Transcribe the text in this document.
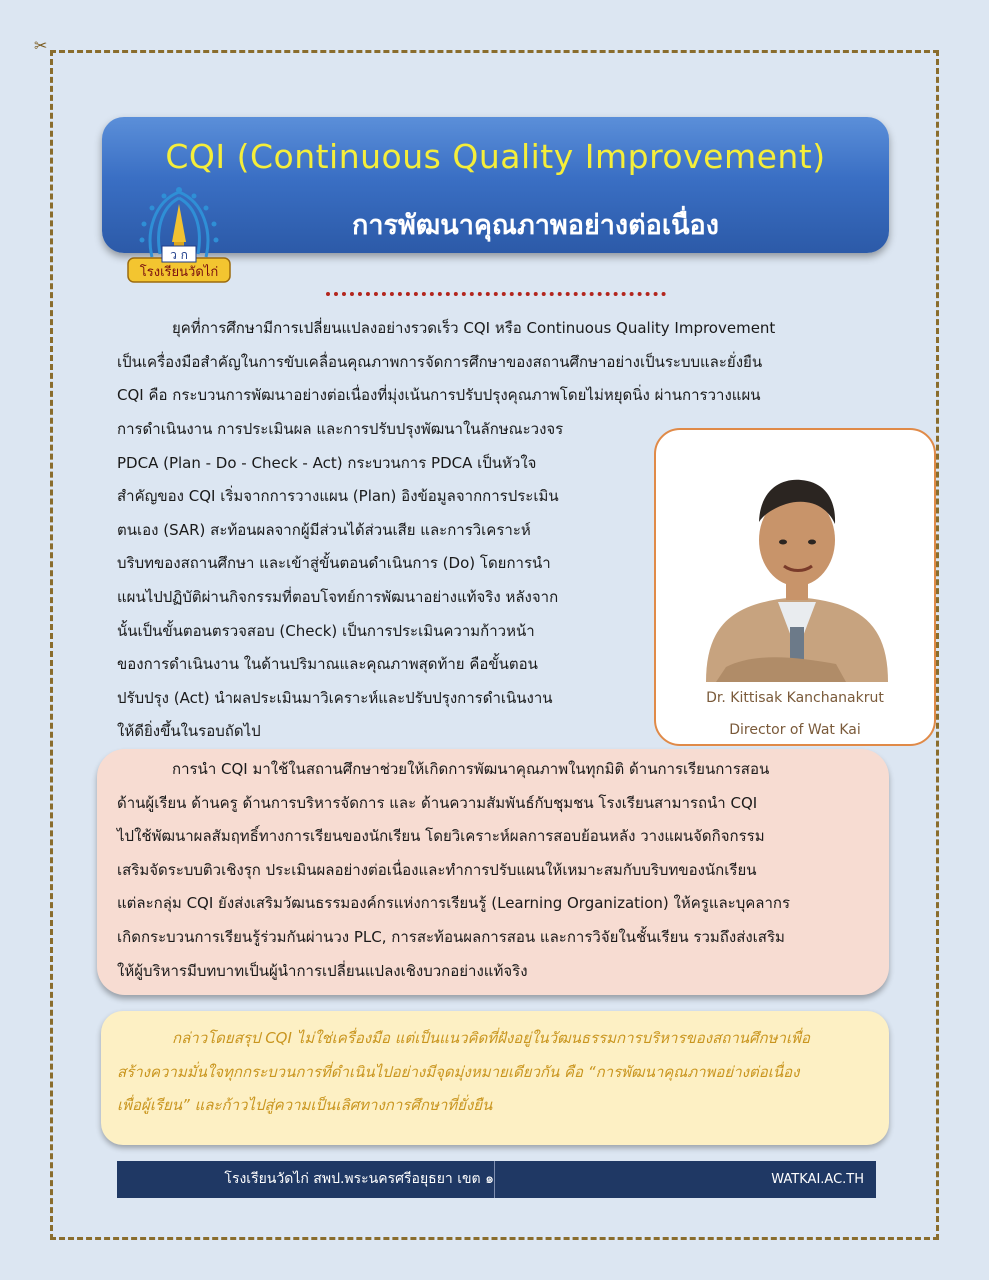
✂
CQI (Continuous Quality Improvement)
การพัฒนาคุณภาพอย่างต่อเนื่อง
ว ก
โรงเรียนวัดไก่
ยุคที่การศึกษามีการเปลี่ยนแปลงอย่างรวดเร็ว CQI หรือ Continuous Quality Improvement
เป็นเครื่องมือสำคัญในการขับเคลื่อนคุณภาพการจัดการศึกษาของสถานศึกษาอย่างเป็นระบบและยั่งยืน
CQI คือ กระบวนการพัฒนาอย่างต่อเนื่องที่มุ่งเน้นการปรับปรุงคุณภาพโดยไม่หยุดนิ่ง ผ่านการวางแผน
การดำเนินงาน การประเมินผล และการปรับปรุงพัฒนาในลักษณะวงจร
PDCA (Plan - Do - Check - Act) กระบวนการ PDCA เป็นหัวใจ
สำคัญของ CQI เริ่มจากการวางแผน (Plan) อิงข้อมูลจากการประเมิน
ตนเอง (SAR) สะท้อนผลจากผู้มีส่วนได้ส่วนเสีย และการวิเคราะห์
บริบทของสถานศึกษา และเข้าสู่ขั้นตอนดำเนินการ (Do) โดยการนำ
แผนไปปฏิบัติผ่านกิจกรรมที่ตอบโจทย์การพัฒนาอย่างแท้จริง หลังจาก
นั้นเป็นขั้นตอนตรวจสอบ (Check) เป็นการประเมินความก้าวหน้า
ของการดำเนินงาน ในด้านปริมาณและคุณภาพสุดท้าย คือขั้นตอน
ปรับปรุง (Act) นำผลประเมินมาวิเคราะห์และปรับปรุงการดำเนินงาน
ให้ดียิ่งขึ้นในรอบถัดไป
Dr. Kittisak Kanchanakrut
Director of Wat Kai
การนำ CQI มาใช้ในสถานศึกษาช่วยให้เกิดการพัฒนาคุณภาพในทุกมิติ ด้านการเรียนการสอน
ด้านผู้เรียน ด้านครู ด้านการบริหารจัดการ และ ด้านความสัมพันธ์กับชุมชน โรงเรียนสามารถนำ CQI
ไปใช้พัฒนาผลสัมฤทธิ์ทางการเรียนของนักเรียน โดยวิเคราะห์ผลการสอบย้อนหลัง วางแผนจัดกิจกรรม
เสริมจัดระบบติวเชิงรุก ประเมินผลอย่างต่อเนื่องและทำการปรับแผนให้เหมาะสมกับบริบทของนักเรียน
แต่ละกลุ่ม CQI ยังส่งเสริมวัฒนธรรมองค์กรแห่งการเรียนรู้ (Learning Organization) ให้ครูและบุคลากร
เกิดกระบวนการเรียนรู้ร่วมกันผ่านวง PLC, การสะท้อนผลการสอน และการวิจัยในชั้นเรียน รวมถึงส่งเสริม
ให้ผู้บริหารมีบทบาทเป็นผู้นำการเปลี่ยนแปลงเชิงบวกอย่างแท้จริง
กล่าวโดยสรุป CQI ไม่ใช่เครื่องมือ แต่เป็นแนวคิดที่ฝังอยู่ในวัฒนธรรมการบริหารของสถานศึกษาเพื่อ
สร้างความมั่นใจทุกกระบวนการที่ดำเนินไปอย่างมีจุดมุ่งหมายเดียวกัน คือ “การพัฒนาคุณภาพอย่างต่อเนื่อง
เพื่อผู้เรียน” และก้าวไปสู่ความเป็นเลิศทางการศึกษาที่ยั่งยืน
โรงเรียนวัดไก่ สพป.พระนครศรีอยุธยา เขต ๑	WATKAI.AC.TH
